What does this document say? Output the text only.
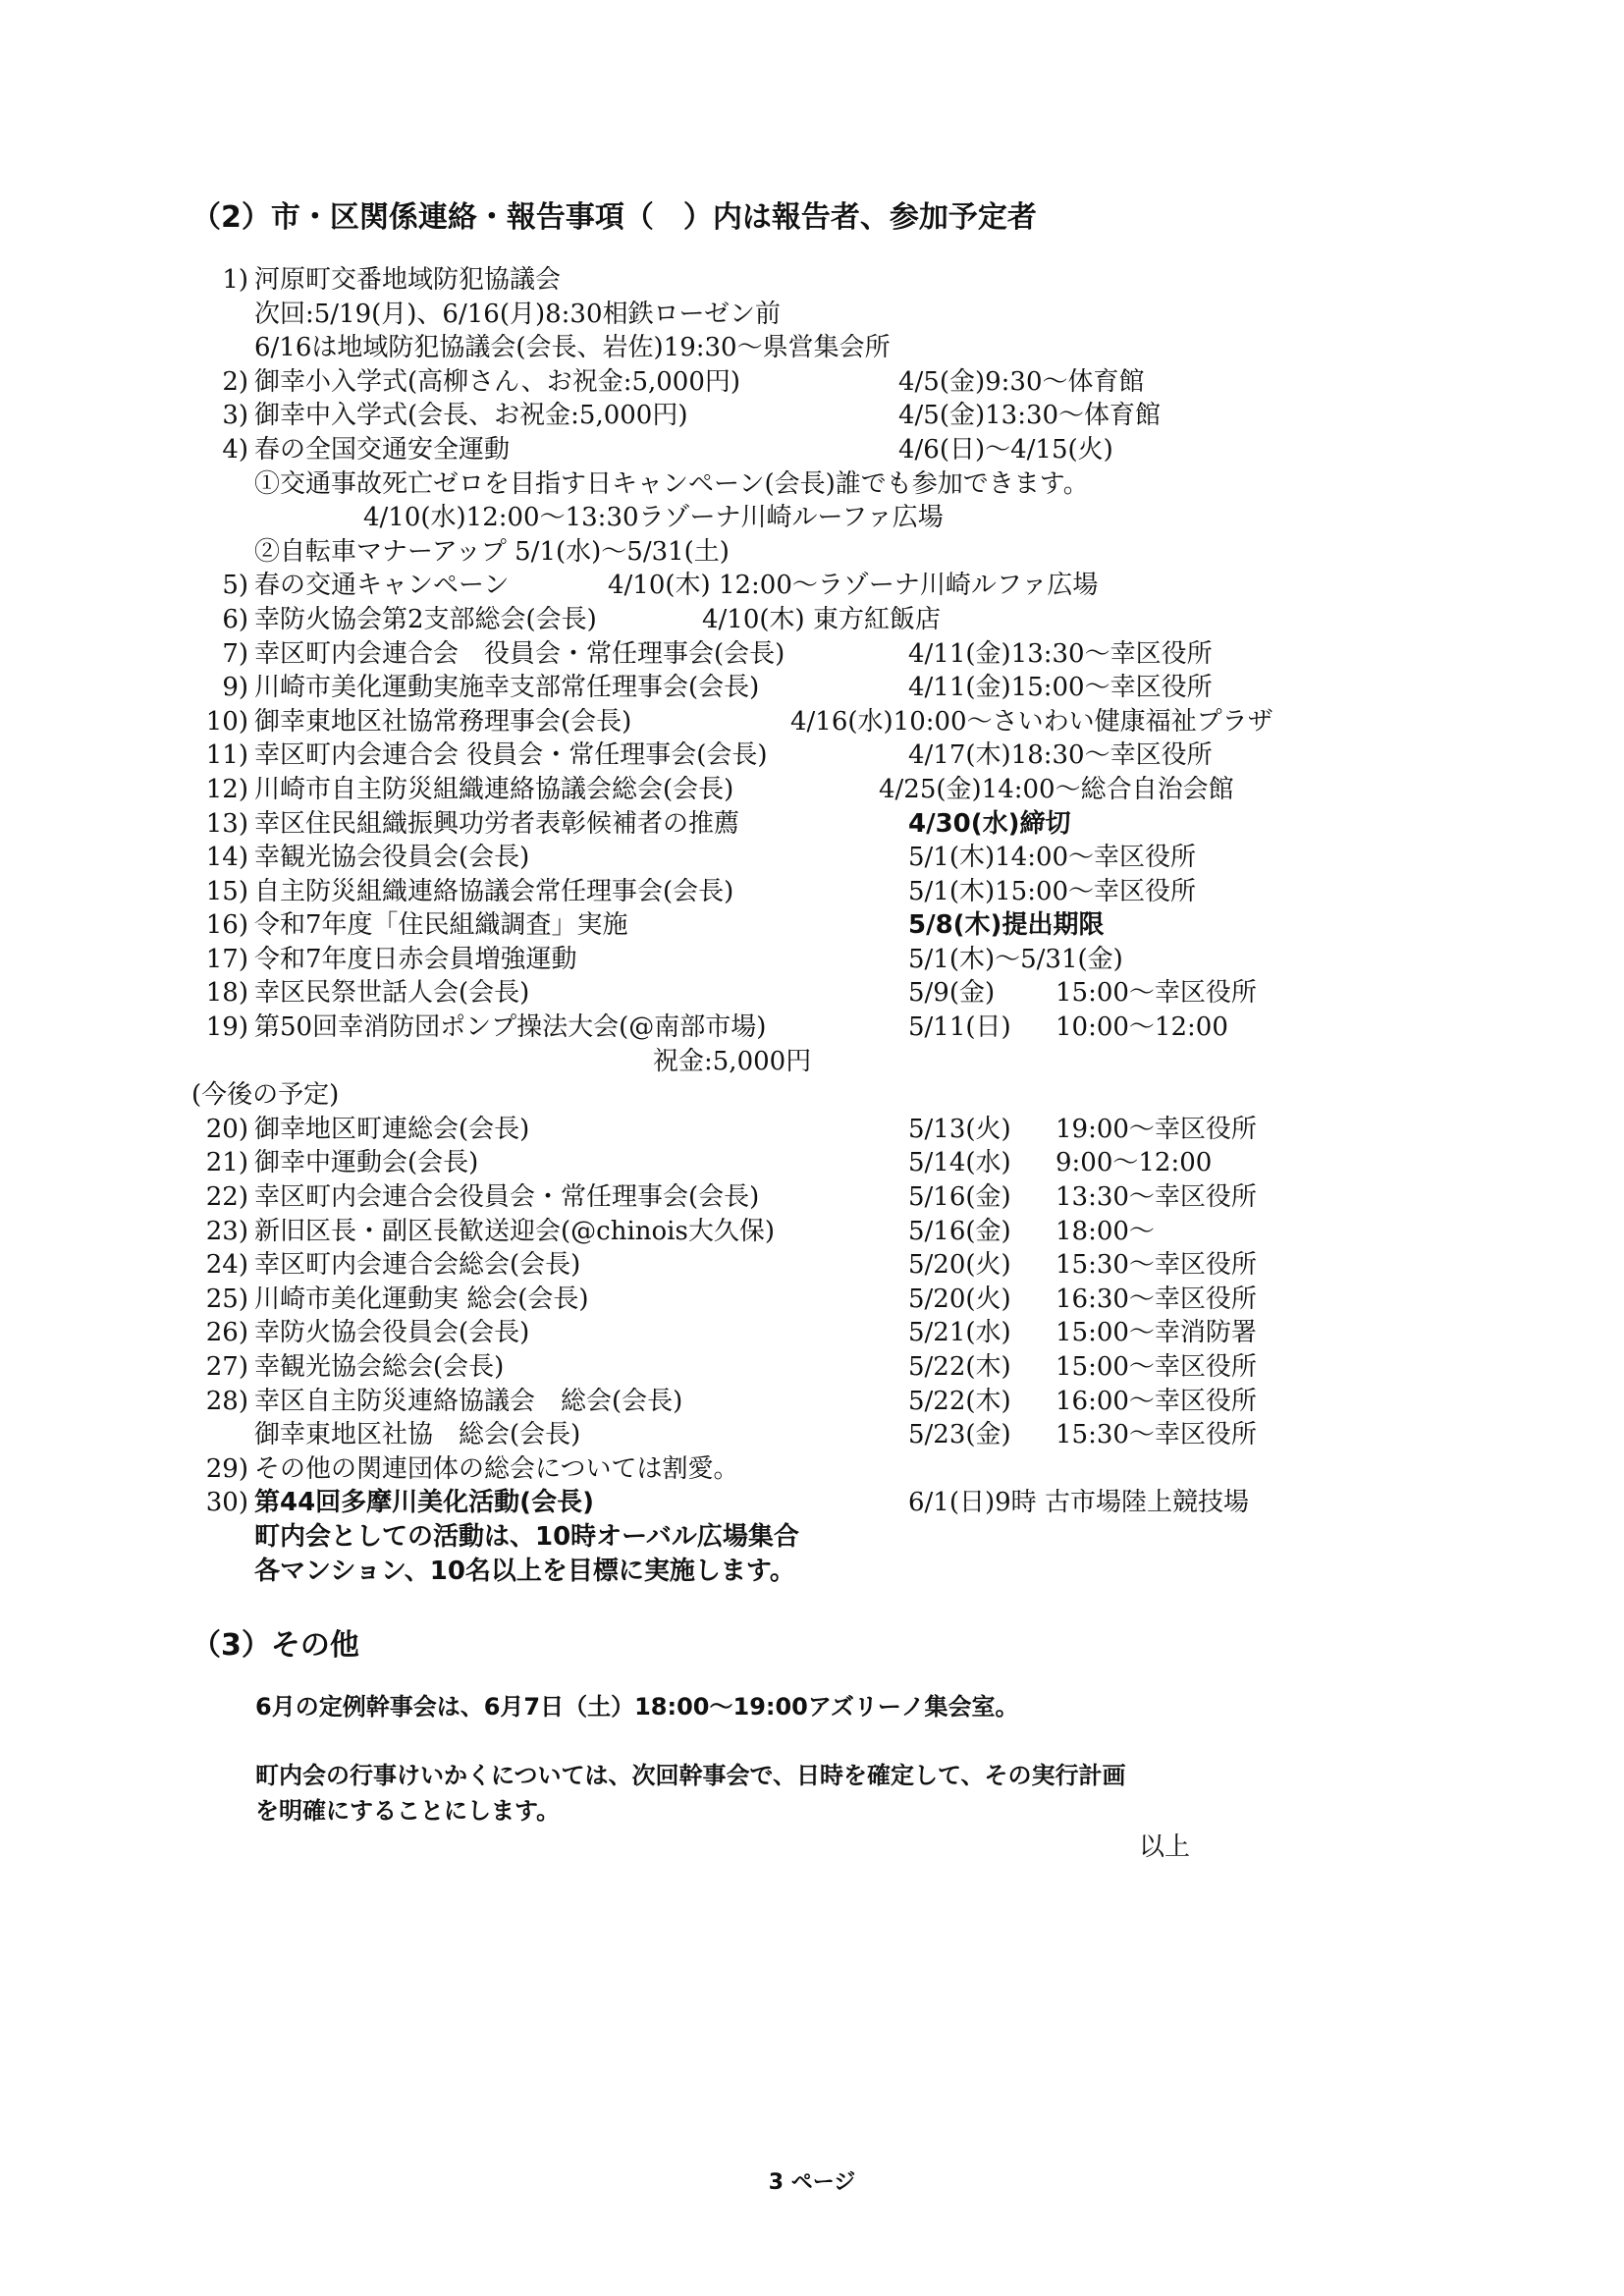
（2）市・区関係連絡・報告事項（　）内は報告者、参加予定者
1) 河原町交番地域防犯協議会
次回:5/19(月)、6/16(月)8:30相鉄ローゼン前
6/16は地域防犯協議会(会長、岩佐)19:30～県営集会所
2) 御幸小入学式(高柳さん、お祝金:5,000円)	4/5(金)9:30～体育館
3) 御幸中入学式(会長、お祝金:5,000円)	4/5(金)13:30～体育館
4) 春の全国交通安全運動	4/6(日)～4/15(火)
①交通事故死亡ゼロを目指す日キャンペーン(会長)誰でも参加できます。
4/10(水)12:00～13:30ラゾーナ川崎ルーファ広場
②自転車マナーアップ 5/1(水)～5/31(土)
5) 春の交通キャンペーン	4/10(木) 12:00～ラゾーナ川崎ルファ広場
6) 幸防火協会第2支部総会(会長)	4/10(木) 東方紅飯店
7) 幸区町内会連合会　役員会・常任理事会(会長)	4/11(金)13:30～幸区役所
9) 川崎市美化運動実施幸支部常任理事会(会長)	4/11(金)15:00～幸区役所
10) 御幸東地区社協常務理事会(会長)	4/16(水)10:00～さいわい健康福祉プラザ
11) 幸区町内会連合会 役員会・常任理事会(会長)	4/17(木)18:30～幸区役所
12) 川崎市自主防災組織連絡協議会総会(会長)	4/25(金)14:00～総合自治会館
13) 幸区住民組織振興功労者表彰候補者の推薦	4/30(水)締切
14) 幸観光協会役員会(会長)	5/1(木)14:00～幸区役所
15) 自主防災組織連絡協議会常任理事会(会長)	5/1(木)15:00～幸区役所
16) 令和7年度「住民組織調査」実施	5/8(木)提出期限
17) 令和7年度日赤会員増強運動	5/1(木)～5/31(金)
18) 幸区民祭世話人会(会長)	5/9(金) 15:00～幸区役所
19) 第50回幸消防団ポンプ操法大会(@南部市場)	5/11(日) 10:00～12:00
祝金:5,000円
(今後の予定)
20) 御幸地区町連総会(会長)	5/13(火) 19:00～幸区役所
21) 御幸中運動会(会長)	5/14(水) 9:00～12:00
22) 幸区町内会連合会役員会・常任理事会(会長)	5/16(金) 13:30～幸区役所
23) 新旧区長・副区長歓送迎会(@chinois大久保)	5/16(金) 18:00～
24) 幸区町内会連合会総会(会長)	5/20(火) 15:30～幸区役所
25) 川崎市美化運動実 総会(会長)	5/20(火) 16:30～幸区役所
26) 幸防火協会役員会(会長)	5/21(水) 15:00～幸消防署
27) 幸観光協会総会(会長)	5/22(木) 15:00～幸区役所
28) 幸区自主防災連絡協議会　総会(会長)	5/22(木) 16:00～幸区役所
御幸東地区社協　総会(会長)	5/23(金) 15:30～幸区役所
29) その他の関連団体の総会については割愛。
30) 第44回多摩川美化活動(会長)	6/1(日)9時 古市場陸上競技場
町内会としての活動は、10時オーバル広場集合
各マンション、10名以上を目標に実施します。
（3）その他
6月の定例幹事会は、6月7日（土）18:00～19:00アズリーノ集会室。
町内会の行事けいかくについては、次回幹事会で、日時を確定して、その実行計画
を明確にすることにします。
以上
3 ページ
